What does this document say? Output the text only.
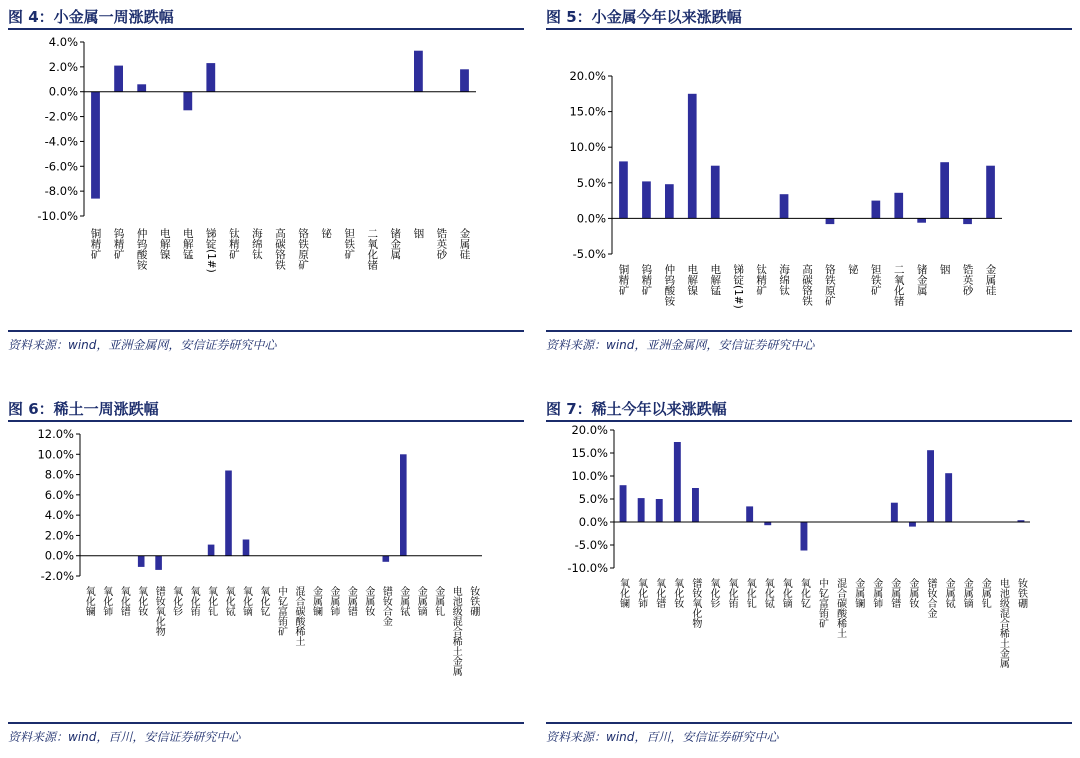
图 4：小金属一周涨跌幅
4.0%
2.0%
0.0%
-2.0%
-4.0%
-6.0%
-8.0%
-10.0%
铜精矿 钨精矿 仲钨酸铵 电解镍 电解锰 锑锭(1#) 钛精矿 海绵钛 高碳铬铁 铬铁原矿 铋 钽铁矿 二氧化锗 锗金属 铟 锆英砂 金属硅
资料来源：wind，亚洲金属网，安信证券研究中心
图 5：小金属今年以来涨跌幅
20.0%
15.0%
10.0%
5.0%
0.0%
-5.0%
铜精矿 钨精矿 仲钨酸铵 电解镍 电解锰 锑锭(1#) 钛精矿 海绵钛 高碳铬铁 铬铁原矿 铋 钽铁矿 二氧化锗 锗金属 铟 锆英砂 金属硅
资料来源：wind，亚洲金属网，安信证券研究中心
图 6：稀土一周涨跌幅
12.0%
10.0%
8.0%
6.0%
4.0%
2.0%
0.0%
-2.0%
氧化镧 氧化铈 氧化镨 氧化钕 镨钕氧化物 氧化钐 氧化铕 氧化钆 氧化铽 氧化镝 氧化钇 中钇富铕矿 混合碳酸稀土 金属镧 金属铈 金属镨 金属钕 镨钕合金 金属铽 金属镝 金属钆 电池级混合稀土金属 钕铁硼
资料来源：wind，百川，安信证券研究中心
图 7：稀土今年以来涨跌幅
20.0%
15.0%
10.0%
5.0%
0.0%
-5.0%
-10.0%
氧化镧 氧化铈 氧化镨 氧化钕 镨钕氧化物 氧化钐 氧化铕 氧化钆 氧化铽 氧化镝 氧化钇 中钇富铕矿 混合碳酸稀土 金属镧 金属铈 金属镨 金属钕 镨钕合金 金属铽 金属镝 金属钆 电池级混合稀土金属 钕铁硼
资料来源：wind，百川，安信证券研究中心
